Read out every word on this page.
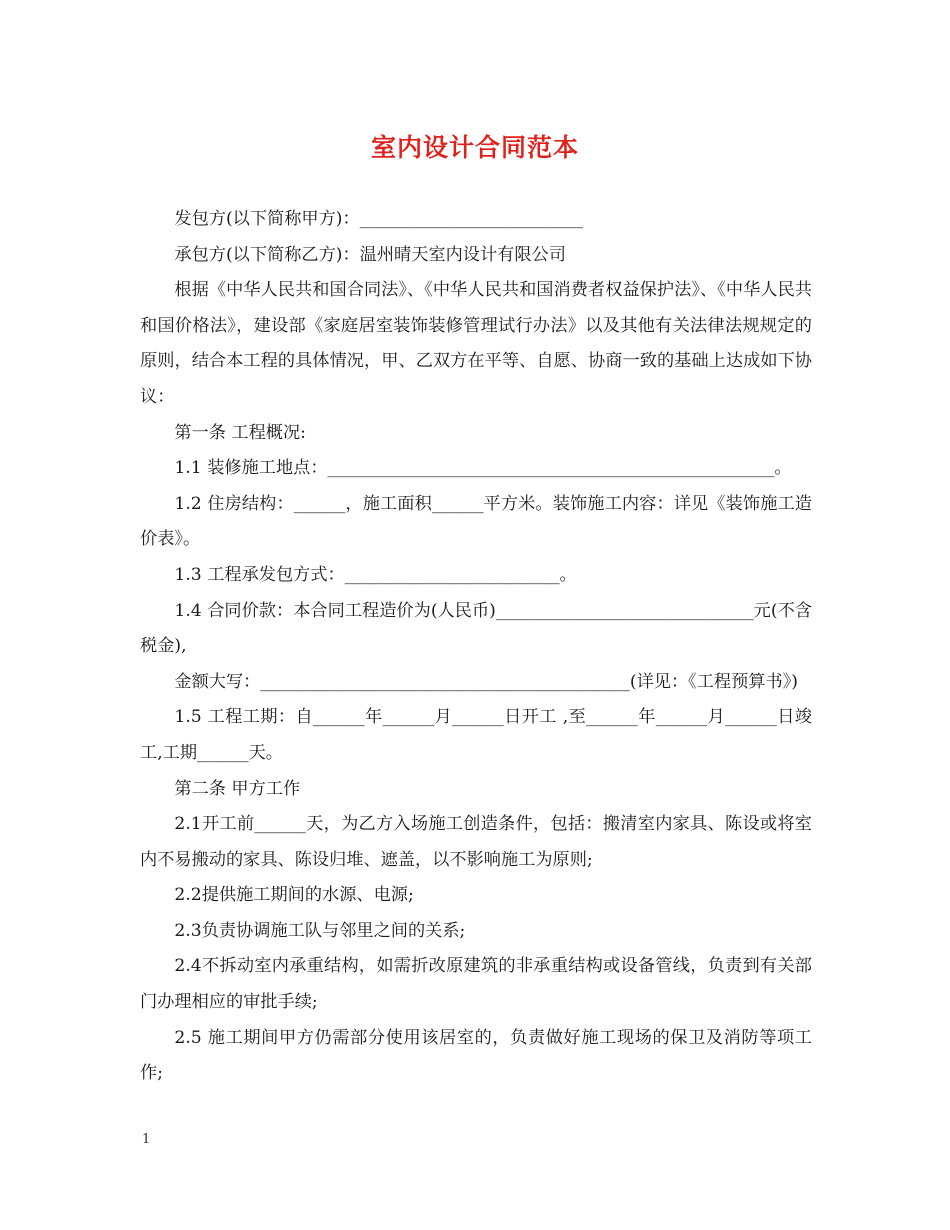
室内设计合同范本

发包方(以下简称甲方)：__________________________

承包方(以下简称乙方)：温州晴天室内设计有限公司

根据《中华人民共和国合同法》、《中华人民共和国消费者权益保护法》、《中华人民共和国价格法》，建设部《家庭居室装饰装修管理试行办法》以及其他有关法律法规规定的原则，结合本工程的具体情况，甲、乙双方在平等、自愿、协商一致的基础上达成如下协议：

第一条 工程概况:

1.1 装修施工地点：____________________________________________________。

1.2 住房结构：______，施工面积______平方米。装饰施工内容：详见《装饰施工造价表》。

1.3 工程承发包方式：_________________________。

1.4 合同价款：本合同工程造价为(人民币)______________________________元(不含税金),

金额大写：___________________________________________(详见：《工程预算书》)

1.5 工程工期：自______年______月______日开工 ,至______年______月______日竣工,工期______天。

第二条 甲方工作

2.1开工前______天，为乙方入场施工创造条件，包括：搬清室内家具、陈设或将室内不易搬动的家具、陈设归堆、遮盖，以不影响施工为原则;

2.2提供施工期间的水源、电源;

2.3负责协调施工队与邻里之间的关系;

2.4不拆动室内承重结构，如需折改原建筑的非承重结构或设备管线，负责到有关部门办理相应的审批手续;

2.5 施工期间甲方仍需部分使用该居室的，负责做好施工现场的保卫及消防等项工作;

1
